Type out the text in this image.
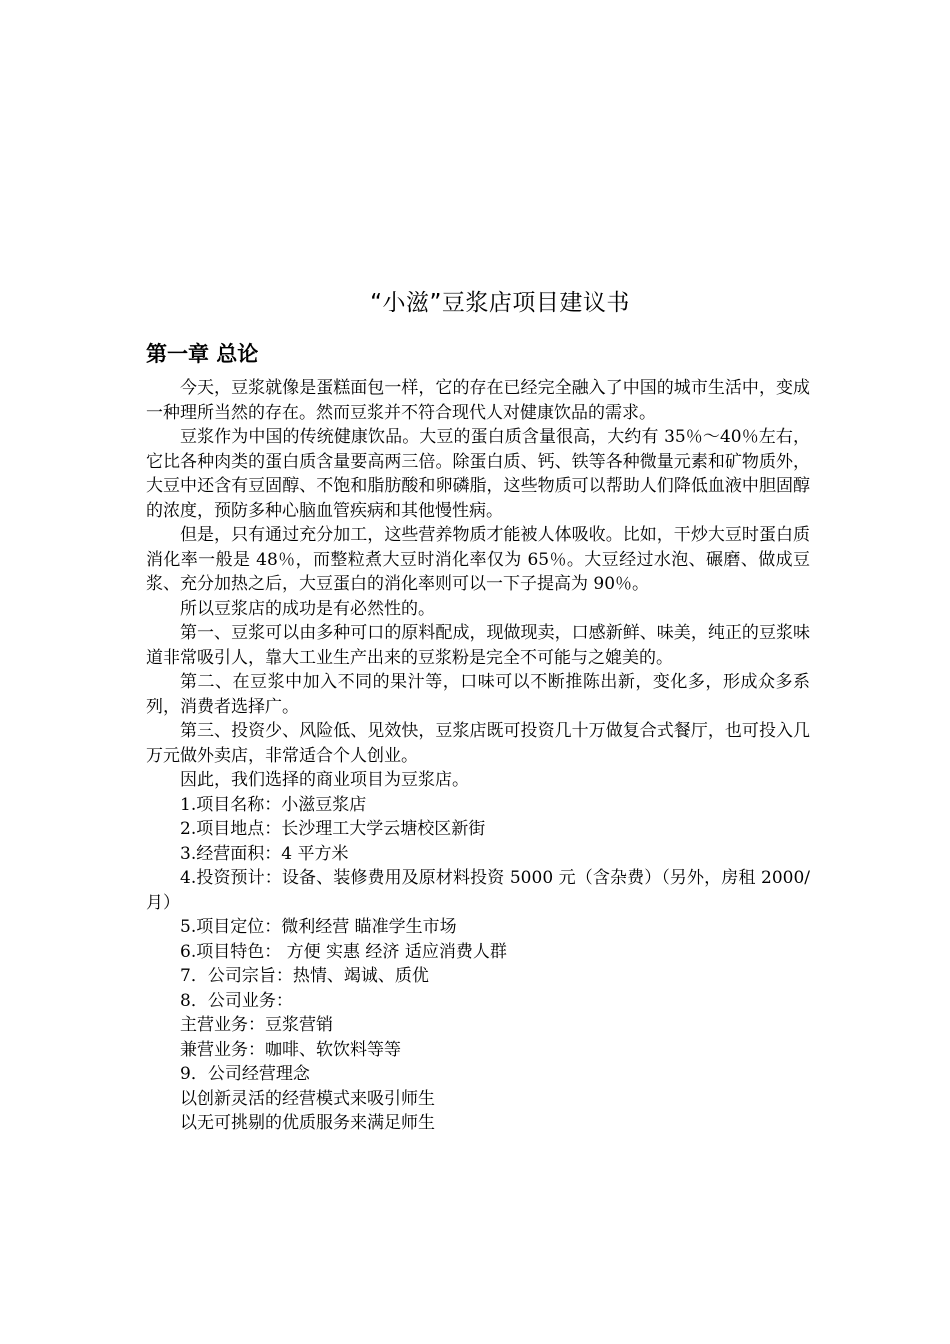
“小滋”豆浆店项目建议书
第一章 总论

今天，豆浆就像是蛋糕面包一样，它的存在已经完全融入了中国的城市生活中，变成一种理所当然的存在。然而豆浆并不符合现代人对健康饮品的需求。

豆浆作为中国的传统健康饮品。大豆的蛋白质含量很高，大约有 35％～40％左右，它比各种肉类的蛋白质含量要高两三倍。除蛋白质、钙、铁等各种微量元素和矿物质外，大豆中还含有豆固醇、不饱和脂肪酸和卵磷脂，这些物质可以帮助人们降低血液中胆固醇的浓度，预防多种心脑血管疾病和其他慢性病。

但是，只有通过充分加工，这些营养物质才能被人体吸收。比如，干炒大豆时蛋白质消化率一般是 48％，而整粒煮大豆时消化率仅为 65％。大豆经过水泡、碾磨、做成豆浆、充分加热之后，大豆蛋白的消化率则可以一下子提高为 90％。

所以豆浆店的成功是有必然性的。

第一、豆浆可以由多种可口的原料配成，现做现卖，口感新鲜、味美，纯正的豆浆味道非常吸引人，靠大工业生产出来的豆浆粉是完全不可能与之媲美的。

第二、在豆浆中加入不同的果汁等，口味可以不断推陈出新，变化多，形成众多系列，消费者选择广。

第三、投资少、风险低、见效快，豆浆店既可投资几十万做复合式餐厅，也可投入几万元做外卖店，非常适合个人创业。

因此，我们选择的商业项目为豆浆店。

1.项目名称：小滋豆浆店

2.项目地点：长沙理工大学云塘校区新街

3.经营面积：4 平方米

4.投资预计：设备、装修费用及原材料投资 5000 元（含杂费）（另外，房租 2000/月）

5.项目定位：微利经营 瞄准学生市场

6.项目特色： 方便 实惠 经济 适应消费人群

7．公司宗旨：热情、竭诚、质优

8．公司业务：

主营业务：豆浆营销

兼营业务：咖啡、软饮料等等

9．公司经营理念

以创新灵活的经营模式来吸引师生

以无可挑剔的优质服务来满足师生
